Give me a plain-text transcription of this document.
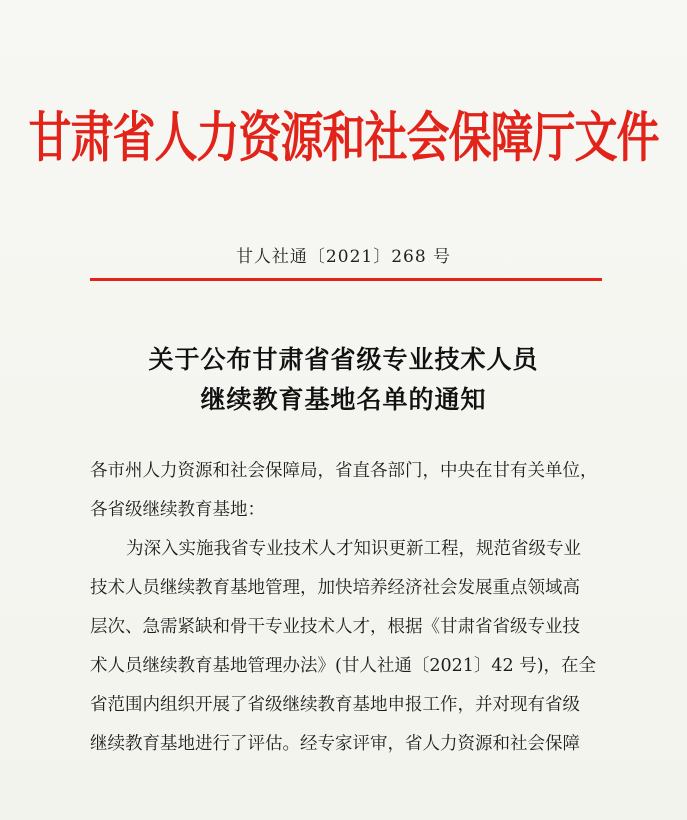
甘肃省人力资源和社会保障厅文件
甘人社通〔2021〕268 号
关于公布甘肃省省级专业技术人员
继续教育基地名单的通知
各市州人力资源和社会保障局，省直各部门，中央在甘有关单位，
各省级继续教育基地：
为深入实施我省专业技术人才知识更新工程，规范省级专业
技术人员继续教育基地管理，加快培养经济社会发展重点领域高
层次、急需紧缺和骨干专业技术人才，根据《甘肃省省级专业技
术人员继续教育基地管理办法》(甘人社通〔2021〕42 号)，在全
省范围内组织开展了省级继续教育基地申报工作，并对现有省级
继续教育基地进行了评估。经专家评审，省人力资源和社会保障
